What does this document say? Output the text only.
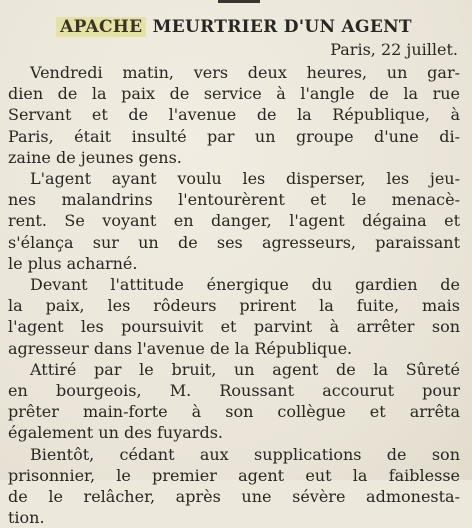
APACHE MEURTRIER D'UN AGENT
Paris, 22 juillet.

Vendredi matin, vers deux heures, un gar-

dien de la paix de service à l'angle de la rue

Servant et de l'avenue de la République, à

Paris, était insulté par un groupe d'une di-

zaine de jeunes gens.

L'agent ayant voulu les disperser, les jeu-

nes malandrins l'entourèrent et le menacè-

rent. Se voyant en danger, l'agent dégaina et

s'élança sur un de ses agresseurs, paraissant

le plus acharné.

Devant l'attitude énergique du gardien de

la paix, les rôdeurs prirent la fuite, mais

l'agent les poursuivit et parvint à arrêter son

agresseur dans l'avenue de la République.

Attiré par le bruit, un agent de la Sûreté

en bourgeois, M. Roussant accourut pour

prêter main-forte à son collègue et arrêta

également un des fuyards.

Bientôt, cédant aux supplications de son

prisonnier, le premier agent eut la faiblesse

de le relâcher, après une sévère admonesta-

tion.
